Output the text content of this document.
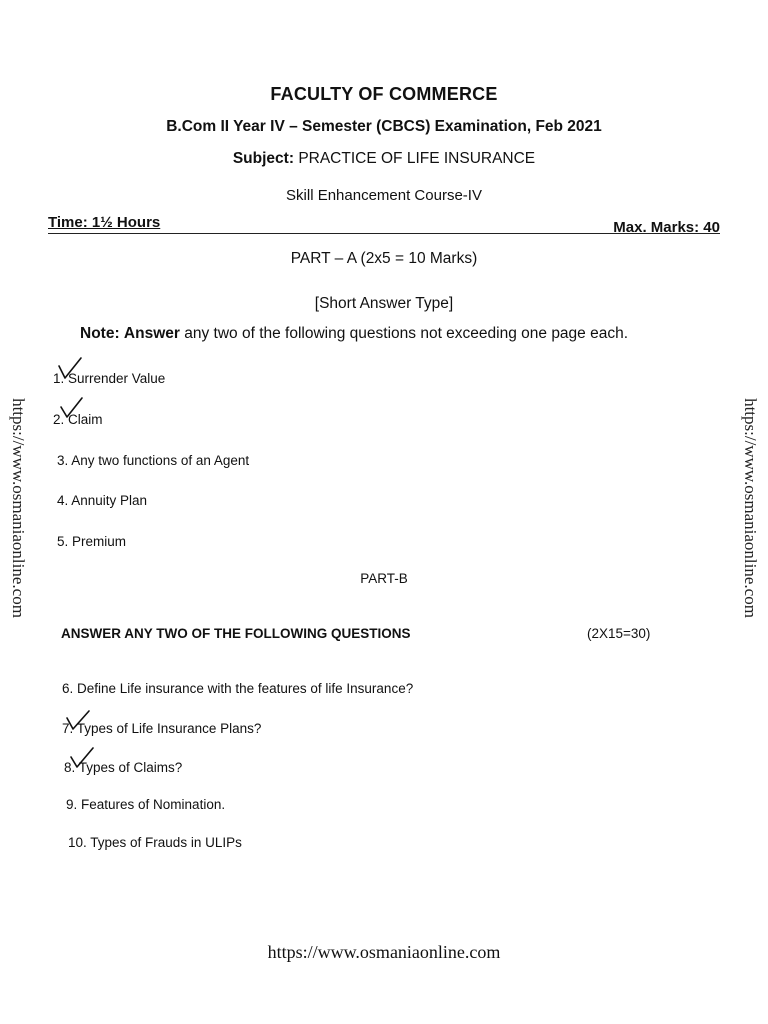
FACULTY OF COMMERCE
B.Com II Year IV – Semester (CBCS) Examination, Feb 2021
Subject: PRACTICE OF LIFE INSURANCE
Skill Enhancement Course-IV
Time: 1½ Hours	Max. Marks: 40
PART – A (2x5 = 10 Marks)
[Short Answer Type]
Note: Answer any two of the following questions not exceeding one page each.
1. Surrender Value
2. Claim
3. Any two functions of an Agent
4. Annuity Plan
5. Premium
PART-B
ANSWER ANY TWO OF THE FOLLOWING QUESTIONS	(2X15=30)
6. Define Life insurance with the features of life Insurance?
7. Types of Life Insurance Plans?
8. Types of Claims?
9. Features of Nomination.
10. Types of Frauds in ULIPs
https://www.osmaniaonline.com	https://www.osmaniaonline.com
https://www.osmaniaonline.com
